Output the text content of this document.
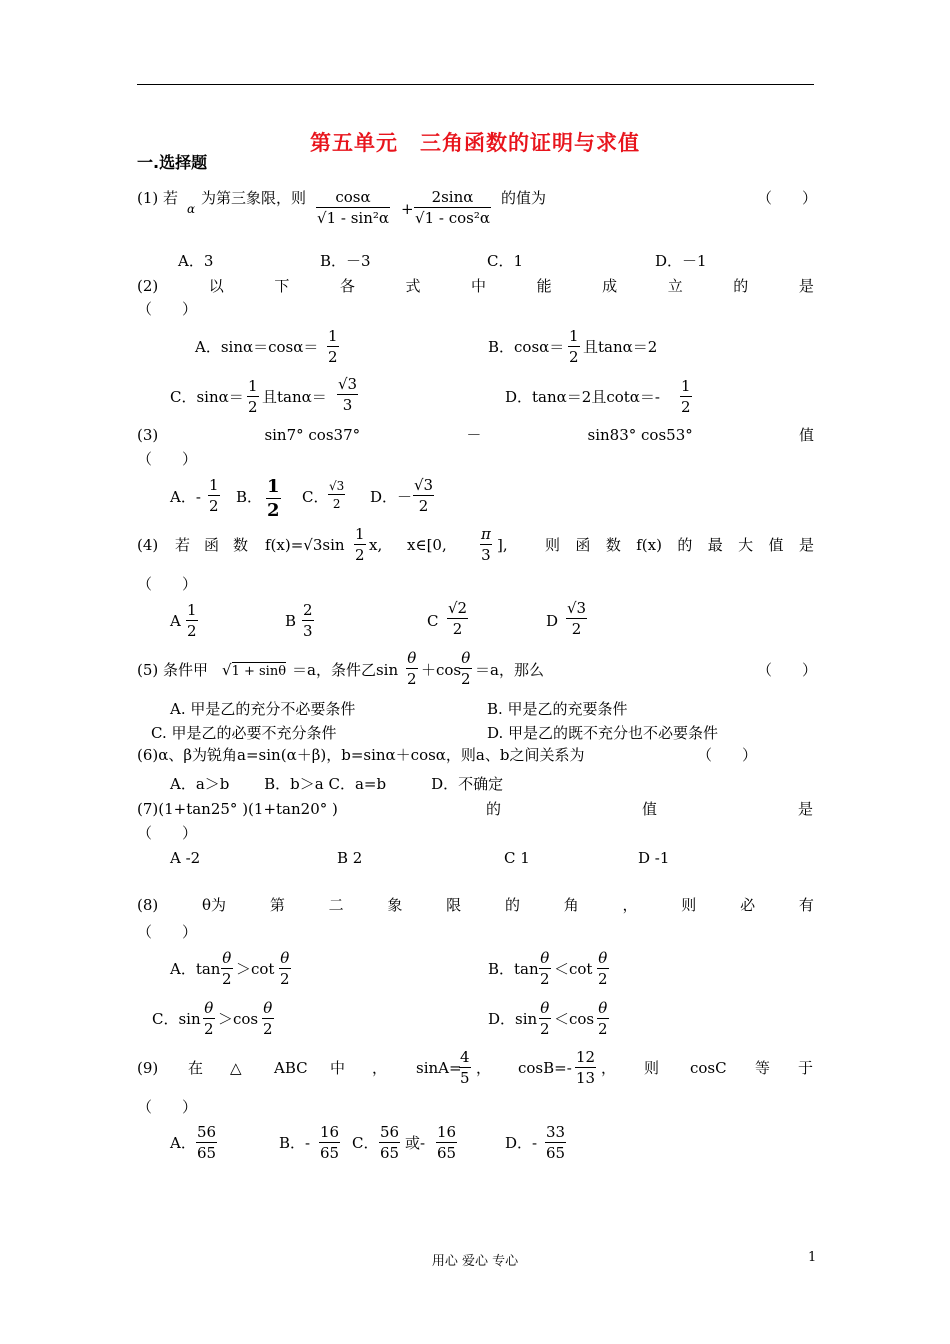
第五单元　三角函数的证明与求值
一.选择题
(1) 若
α
为第三象限，则 $\frac{\cos\alpha}{\text{√1 - sin²α}} + \frac{2\sin\alpha}{\text{√1 - cos²α}}$ 的值为	（　　）
A．3	B．－3	C．1	D．－1
(2)	以	下	各	式	中	能	成	立	的	是
（　　）
A．$\sin\alpha=\cos\alpha= \frac{1}{2}$	B．$\cos\alpha= \frac{1}{2}$ 且tanα＝2
C．$\sin\alpha= \frac{1}{2}$ 且$\tan\alpha= \frac{√3}{3}$	D．tanα＝2且$\cot\alpha=- \frac{1}{2}$
(3)	sin7° cos37°	－	sin83° cos53°	值
（　　）
A．- $\frac{1}{2}$ B． $\frac{1}{2}$ C． $\frac{√3}{2}$ D．－ $\frac{√3}{2}$
(4) 若 函 数 $f(x)=√3\sin \frac{1}{2} x$, x∈[0, $\frac{\pi}{3}$ ], 则 函 数 f(x) 的 最 大 值 是
（　　）
A $\frac{1}{2}$	B $\frac{2}{3}$	C $\frac{√2}{2}$	D $\frac{√3}{2}$
(5) 条件甲 √1 + sinθ ＝a，条件乙$\sin \frac{\theta}{2} +\cos$
$\frac{\theta}{2} =a$，那么	（　　）
A. 甲是乙的充分不必要条件	B. 甲是乙的充要条件
C. 甲是乙的必要不充分条件	D. 甲是乙的既不充分也不必要条件
(6)α、β为锐角a=sin(α＋β)，b=sinα＋cosα，则a、b之间关系为	（　　）
A．a＞b　　 B．b＞a C．a=b　　　D．不确定
(7)(1+tan25° )(1+tan20° )	的	值	是
（　　）
A -2	B 2	C 1	D -1
(8)	θ为	第	二	象	限	的	角	，	则	必	有
（　　）
A．$\tan \frac{\theta}{2} >\cot \frac{\theta}{2}$	B．$\tan \frac{\theta}{2} <\cot \frac{\theta}{2}$
C．$\sin \frac{\theta}{2} >\cos \frac{\theta}{2}$	D．$\sin \frac{\theta}{2} <\cos \frac{\theta}{2}$
(9) 在 △ ABC 中 ， sinA=
$\frac{4}{5}$ ， $\cos B=- \frac{12}{13}$ ， 则 cosC 等 于
（　　）
A． $\frac{56}{65}$	B．- $\frac{16}{65}$ C． $\frac{56}{65}$ 或- $\frac{16}{65}$	D．- $\frac{33}{65}$
用心 爱心 专心	1
